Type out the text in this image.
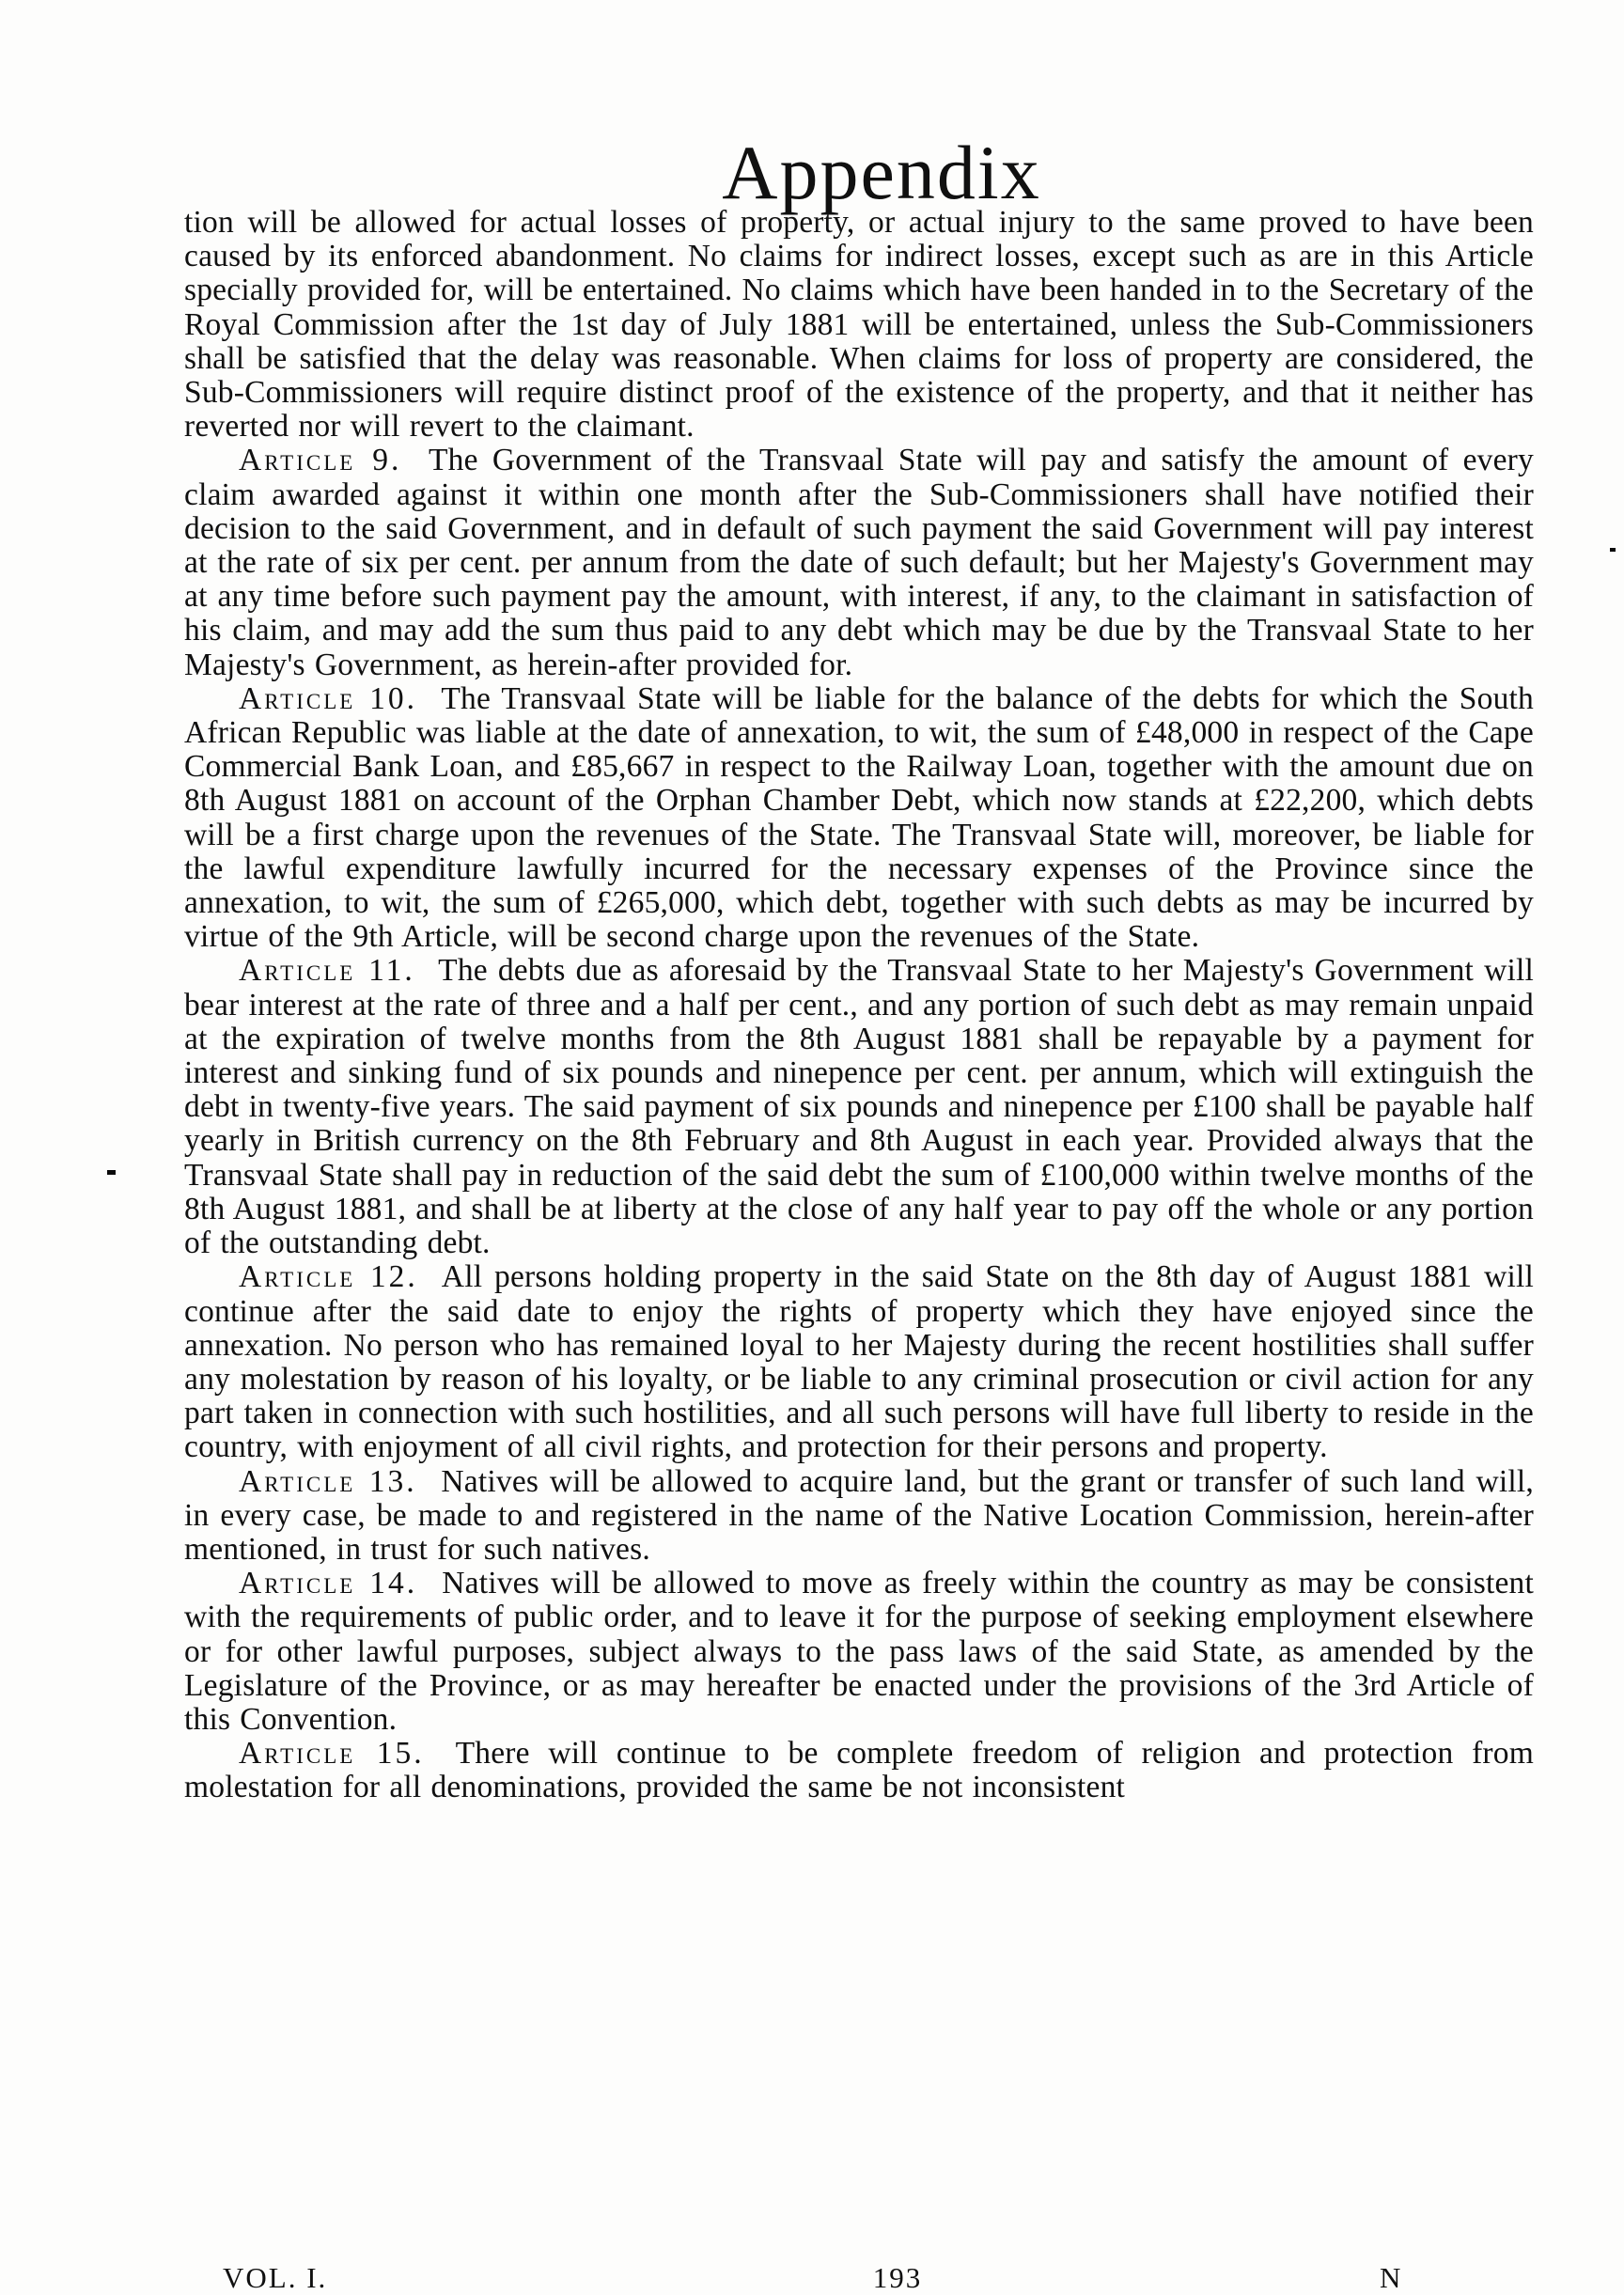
Appendix

tion will be allowed for actual losses of property, or actual injury to the same proved to have been caused by its enforced abandonment. No claims for indirect losses, except such as are in this Article specially provided for, will be entertained. No claims which have been handed in to the Secretary of the Royal Commission after the 1st day of July 1881 will be entertained, unless the Sub-Commissioners shall be satisfied that the delay was reasonable. When claims for loss of property are considered, the Sub-Commissioners will require distinct proof of the existence of the property, and that it neither has reverted nor will revert to the claimant.

Article 9. The Government of the Transvaal State will pay and satisfy the amount of every claim awarded against it within one month after the Sub-Commissioners shall have notified their decision to the said Government, and in default of such payment the said Government will pay interest at the rate of six per cent. per annum from the date of such default; but her Majesty's Government may at any time before such payment pay the amount, with interest, if any, to the claimant in satisfaction of his claim, and may add the sum thus paid to any debt which may be due by the Transvaal State to her Majesty's Government, as herein-after provided for.

Article 10. The Transvaal State will be liable for the balance of the debts for which the South African Republic was liable at the date of annexation, to wit, the sum of £48,000 in respect of the Cape Commercial Bank Loan, and £85,667 in respect to the Railway Loan, together with the amount due on 8th August 1881 on account of the Orphan Chamber Debt, which now stands at £22,200, which debts will be a first charge upon the revenues of the State. The Transvaal State will, moreover, be liable for the lawful expenditure lawfully incurred for the necessary expenses of the Province since the annexation, to wit, the sum of £265,000, which debt, together with such debts as may be incurred by virtue of the 9th Article, will be second charge upon the revenues of the State.

Article 11. The debts due as aforesaid by the Transvaal State to her Majesty's Government will bear interest at the rate of three and a half per cent., and any portion of such debt as may remain unpaid at the expiration of twelve months from the 8th August 1881 shall be repayable by a payment for interest and sinking fund of six pounds and ninepence per cent. per annum, which will extinguish the debt in twenty-five years. The said payment of six pounds and ninepence per £100 shall be payable half yearly in British currency on the 8th February and 8th August in each year. Provided always that the Transvaal State shall pay in reduction of the said debt the sum of £100,000 within twelve months of the 8th August 1881, and shall be at liberty at the close of any half year to pay off the whole or any portion of the outstanding debt.

Article 12. All persons holding property in the said State on the 8th day of August 1881 will continue after the said date to enjoy the rights of property which they have enjoyed since the annexation. No person who has remained loyal to her Majesty during the recent hostilities shall suffer any molestation by reason of his loyalty, or be liable to any criminal prosecution or civil action for any part taken in connection with such hostilities, and all such persons will have full liberty to reside in the country, with enjoyment of all civil rights, and protection for their persons and property.

Article 13. Natives will be allowed to acquire land, but the grant or transfer of such land will, in every case, be made to and registered in the name of the Native Location Commission, herein-after mentioned, in trust for such natives.

Article 14. Natives will be allowed to move as freely within the country as may be consistent with the requirements of public order, and to leave it for the purpose of seeking employment elsewhere or for other lawful purposes, subject always to the pass laws of the said State, as amended by the Legislature of the Province, or as may hereafter be enacted under the provisions of the 3rd Article of this Convention.

Article 15. There will continue to be complete freedom of religion and protection from molestation for all denominations, provided the same be not inconsistent

VOL. I.	193	N
